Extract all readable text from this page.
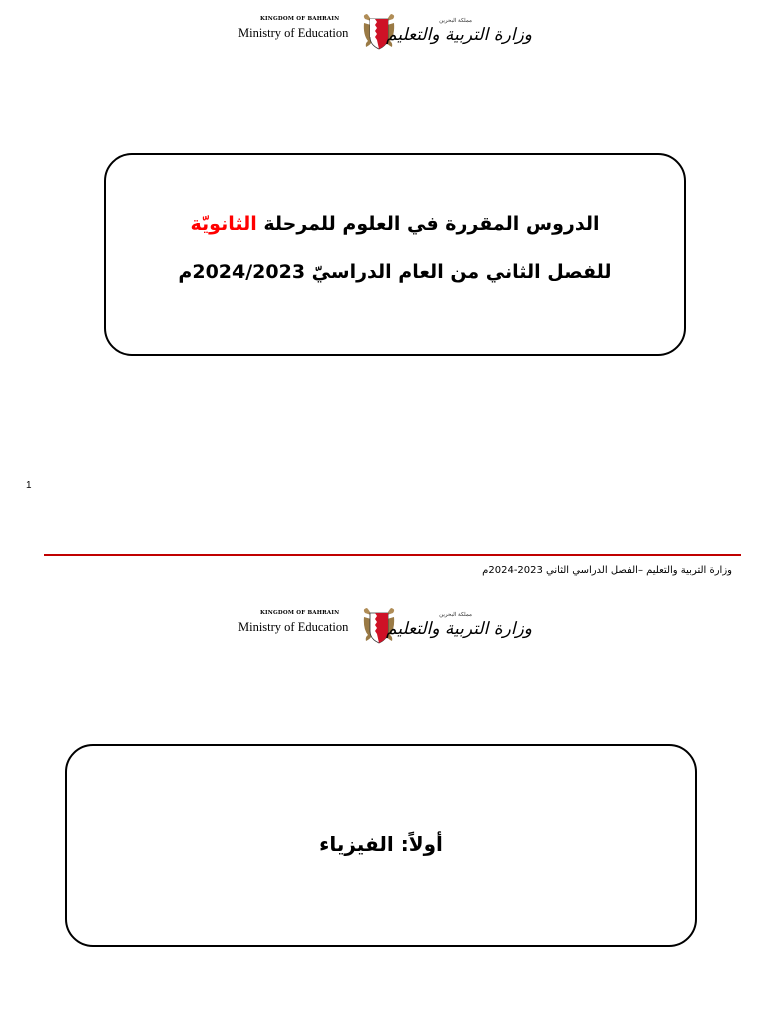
KINGDOM OF BAHRAIN
Ministry of Education
مملكة البحرين
وزارة التربية والتعليم
الدروس المقررة في العلوم للمرحلة الثانويّة
للفصل الثاني من العام الدراسيّ 2024/2023م
1
وزارة التربية والتعليم –الفصل الدراسي الثاني 2023-2024م
KINGDOM OF BAHRAIN
Ministry of Education
مملكة البحرين
وزارة التربية والتعليم
أولاً: الفيزياء
